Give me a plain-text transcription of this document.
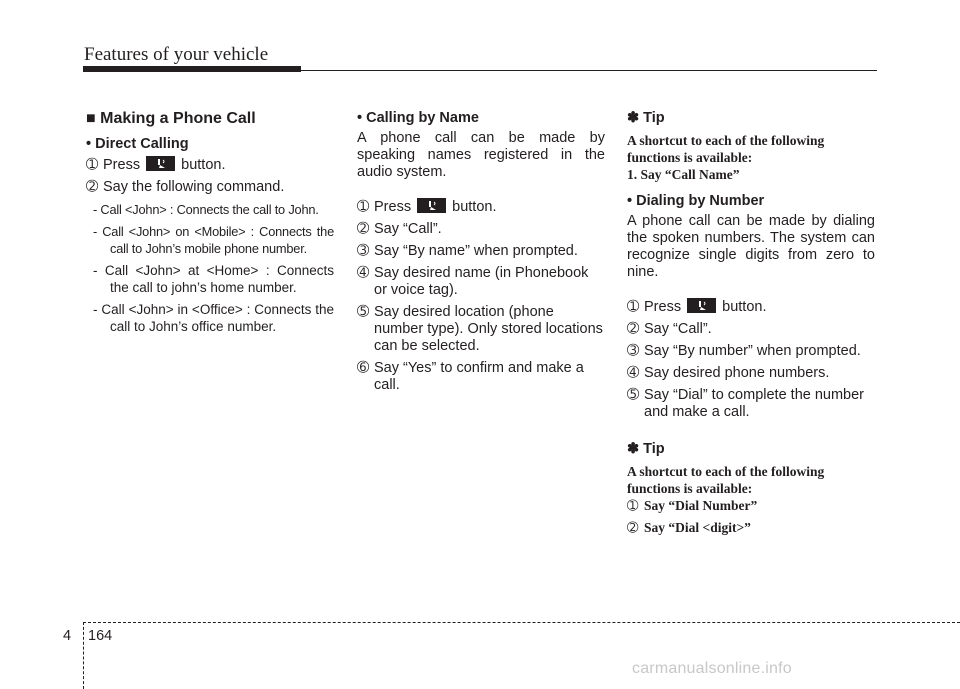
Features of your vehicle
■ Making a Phone Call
• Direct Calling
➀ Press	button.
➁ Say the following command.
- Call <John> : Connects the call to John.
- Call <John> on <Mobile> : Connects the call to John’s mobile phone number.
- Call <John> at <Home> : Connects the call to john’s home number.
- Call <John> in <Office> : Connects the call to John’s office number.
• Calling by Name
A phone call can be made by speaking names registered in the audio system.
➀ Press	button.
➁ Say “Call”.
➂ Say “By name” when prompted.
➃ Say desired name (in Phonebook or voice tag).
➄ Say desired location (phone number type). Only stored locations can be selected.
➅ Say “Yes” to confirm and make a call.
✽ Tip
A shortcut to each of the following functions is available:
1. Say “Call Name”
• Dialing by Number
A phone call can be made by dialing the spoken numbers. The system can recognize single digits from zero to nine.
➀ Press	button.
➁ Say “Call”.
➂ Say “By number” when prompted.
➃ Say desired phone numbers.
➄ Say “Dial” to complete the number and make a call.
✽ Tip
A shortcut to each of the following functions is available:
➀ Say “Dial Number”
➁ Say “Dial <digit>”
4 164
carmanualsonline.info
